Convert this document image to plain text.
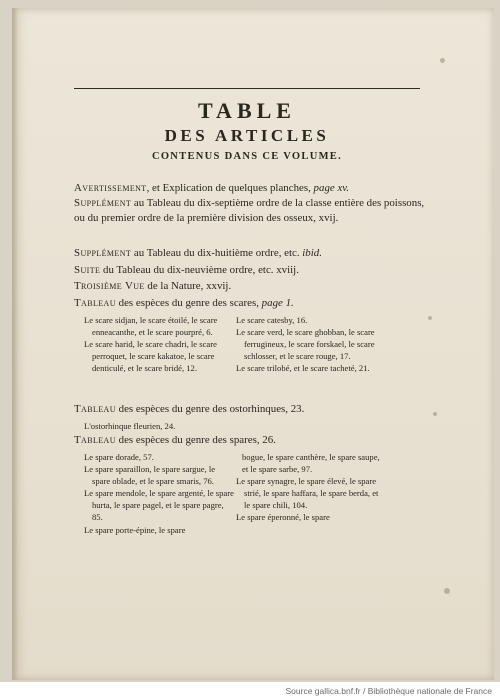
TABLE
DES ARTICLES
CONTENUS DANS CE VOLUME.

Avertissement, et Explication de quelques planches, page xv.

Supplément au Tableau du dix-septième ordre de la classe entière des poissons, ou du premier ordre de la première division des osseux, xvij.

Supplément au Tableau du dix-huitième ordre, etc. ibid.

Suite du Tableau du dix-neuvième ordre, etc. xviij.

Troisième Vue de la Nature, xxvij.

Tableau des espèces du genre des scares, page 1.

Le scare sidjan, le scare étoilé, le scare enneacanthe, et le scare pourpré, 6.
Le scare harid, le scare chadri, le scare perroquet, le scare kakatoe, le scare denticulé, et le scare bridé, 12.
Le scare catesby, 16.
Le scare verd, le scare ghobban, le scare ferrugineux, le scare forskael, le scare schlosser, et le scare rouge, 17.
Le scare trilobé, et le scare tacheté, 21.

Tableau des espèces du genre des ostorhinques, 23.

L'ostorhinque fleurien, 24.

Tableau des espèces du genre des spares, 26.

Le spare dorade, 57.
Le spare sparaillon, le spare sargue, le spare oblade, et le spare smaris, 76.
Le spare mendole, le spare argenté, le spare hurta, le spare pagel, et le spare pagre, 85.
Le spare porte-épine, le spare
bogue, le spare canthère, le spare saupe, et le spare sarbe, 97.
Le spare synagre, le spare élevé, le spare strié, le spare haffara, le spare berda, et le spare chili, 104.
Le spare éperonné, le spare
Source gallica.bnf.fr / Bibliothèque nationale de France
